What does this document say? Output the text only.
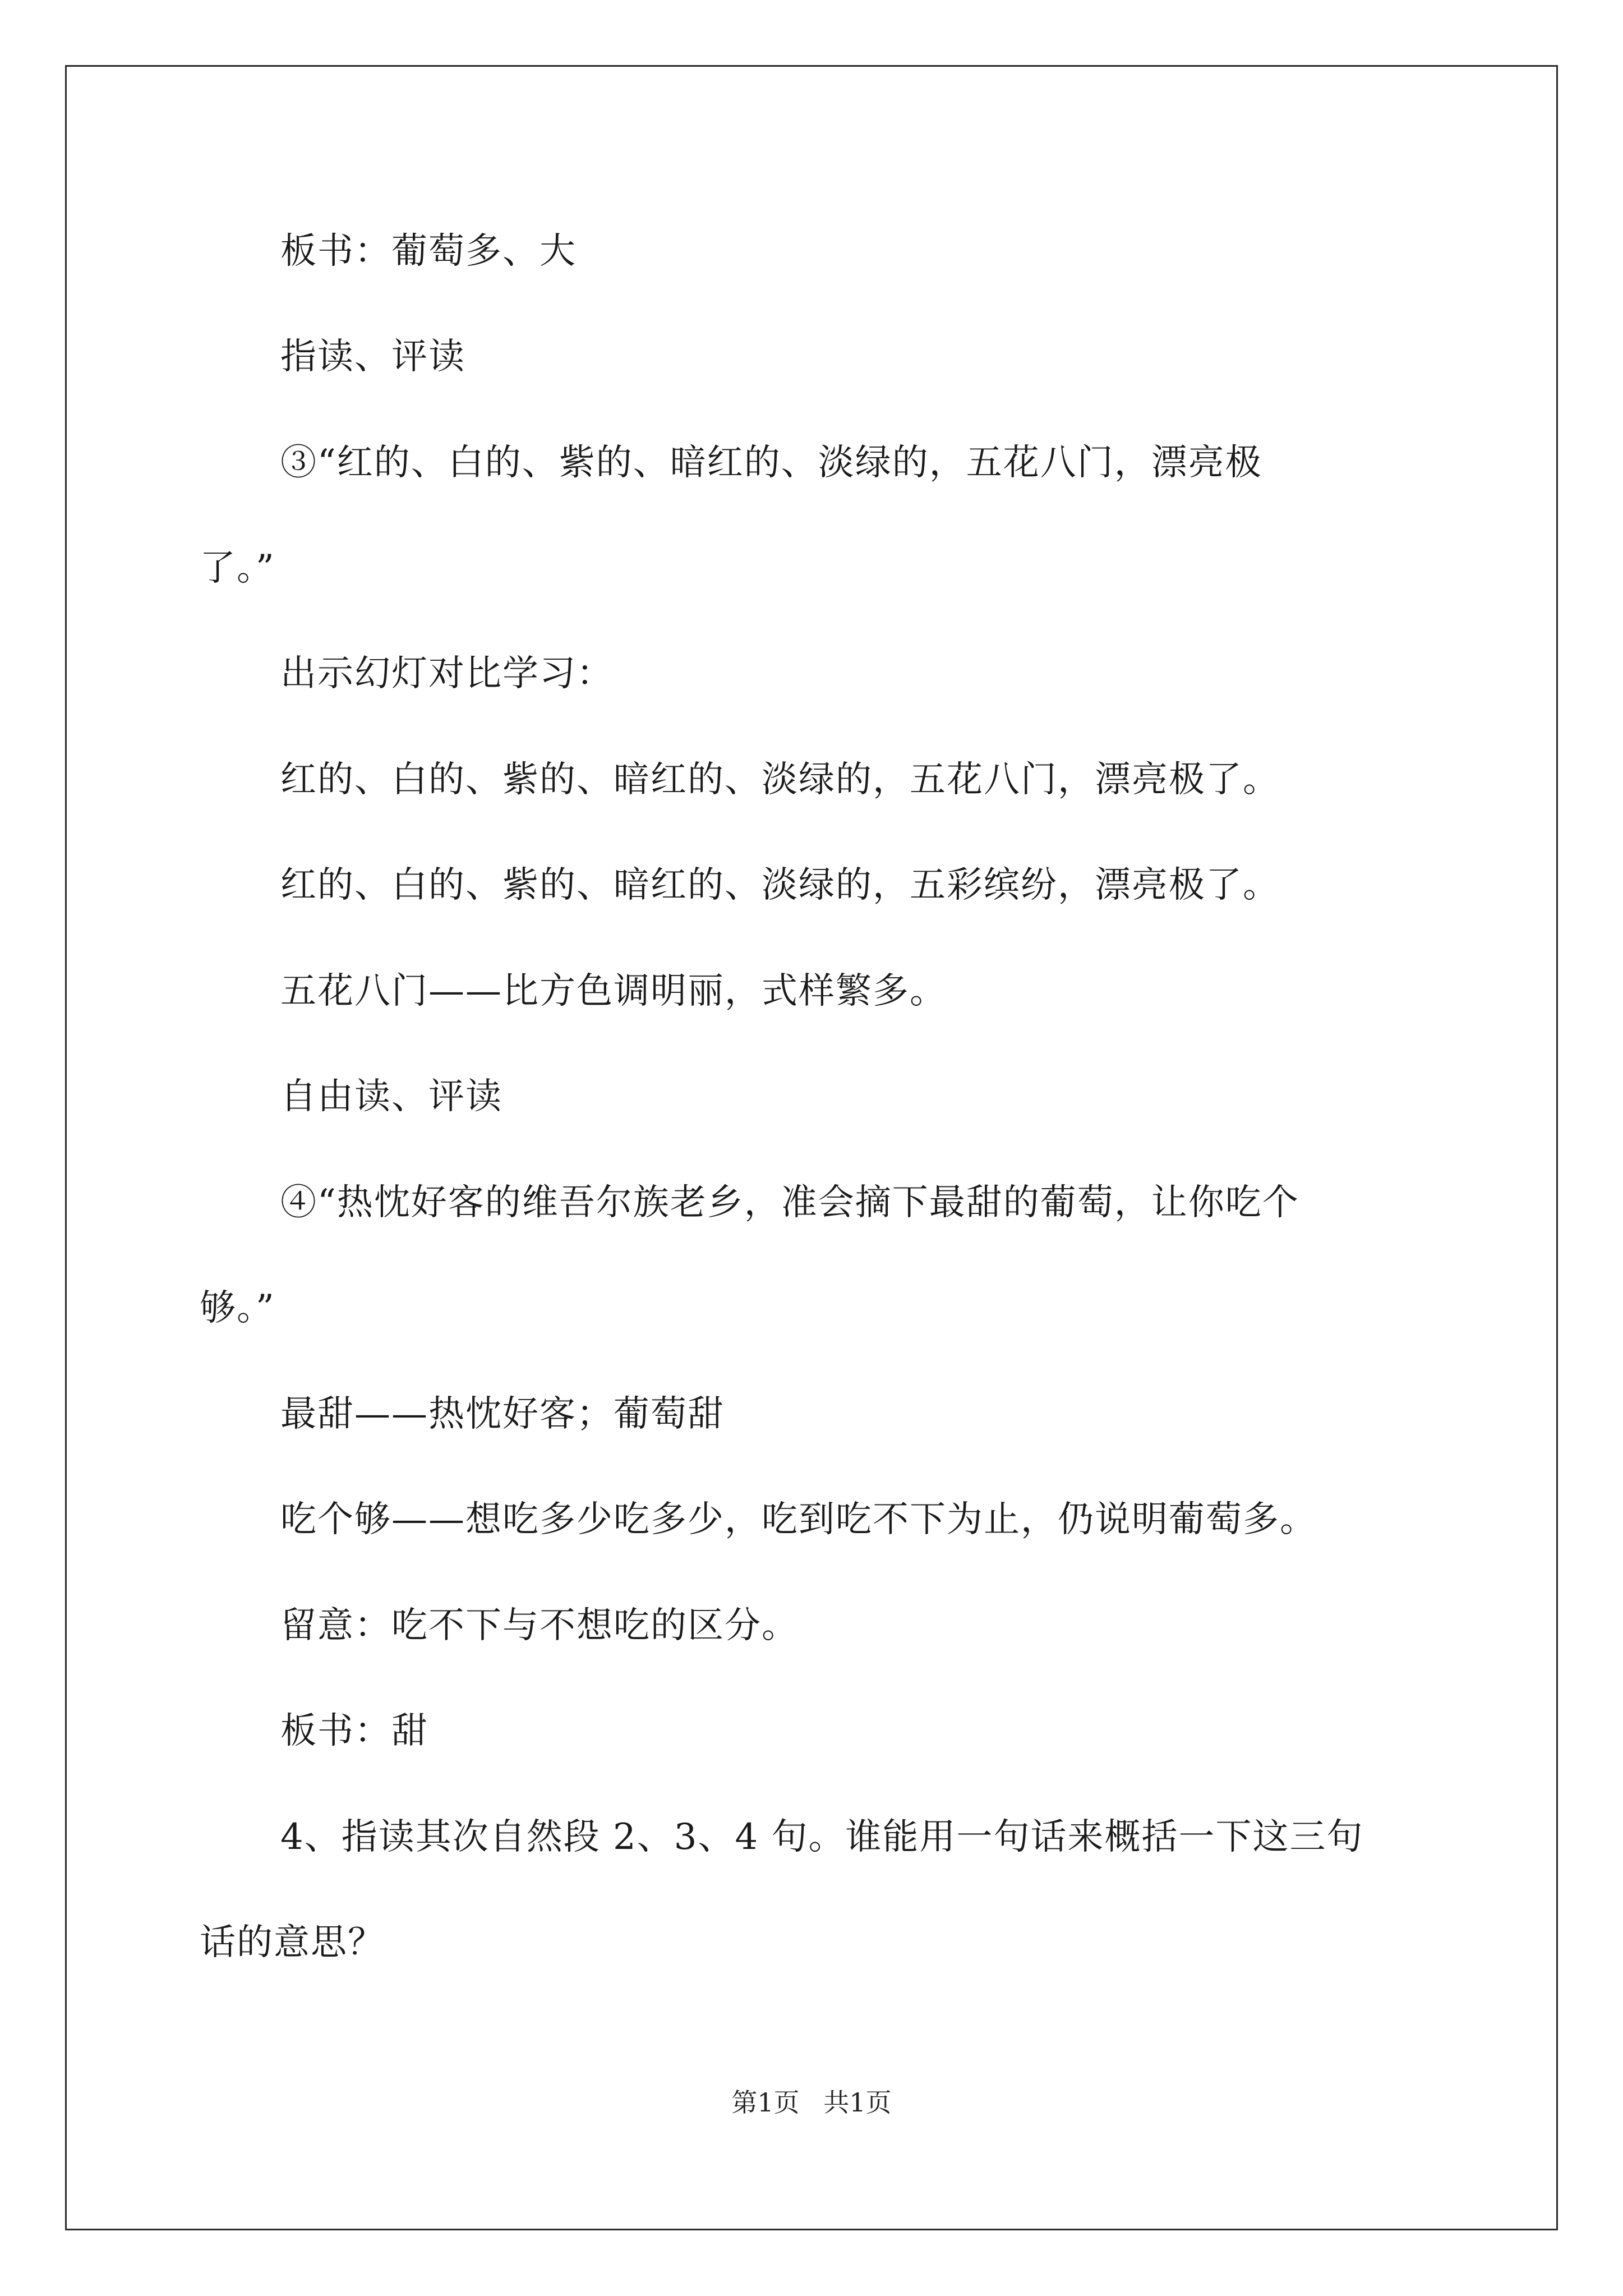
板书：葡萄多、大
指读、评读
③“红的、白的、紫的、暗红的、淡绿的，五花八门，漂亮极
了。”
出示幻灯对比学习：
红的、白的、紫的、暗红的、淡绿的，五花八门，漂亮极了。
红的、白的、紫的、暗红的、淡绿的，五彩缤纷，漂亮极了。
五花八门——比方色调明丽，式样繁多。
自由读、评读
④“热忱好客的维吾尔族老乡，准会摘下最甜的葡萄，让你吃个
够。”
最甜——热忱好客；葡萄甜
吃个够——想吃多少吃多少，吃到吃不下为止，仍说明葡萄多。
留意：吃不下与不想吃的区分。
板书：甜
4、指读其次自然段 2、3、4 句。谁能用一句话来概括一下这三句
话的意思？
第1页 共1页
